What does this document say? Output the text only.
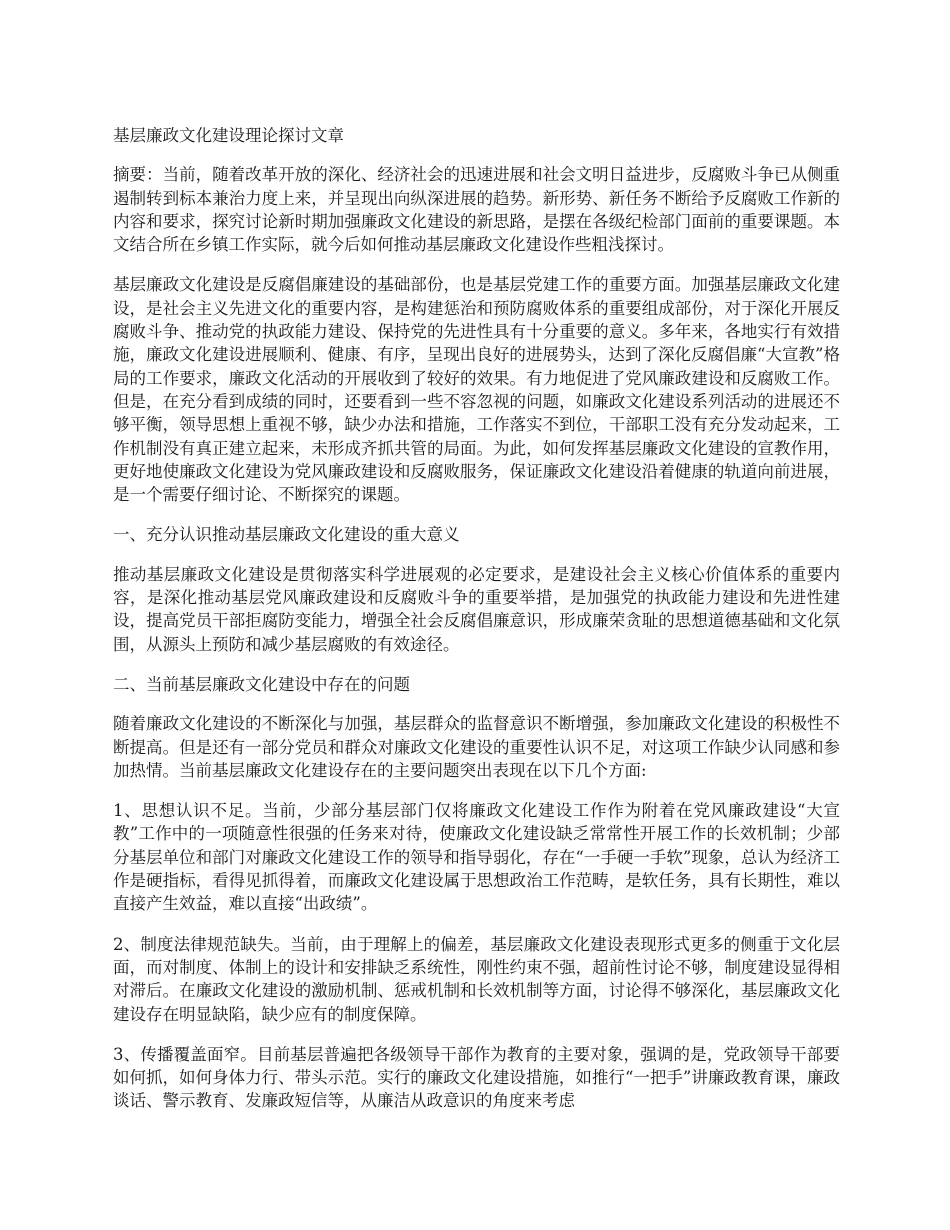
基层廉政文化建设理论探讨文章

摘要：当前，随着改革开放的深化、经济社会的迅速进展和社会文明日益进步，反腐败斗争已从侧重遏制转到标本兼治力度上来，并呈现出向纵深进展的趋势。新形势、新任务不断给予反腐败工作新的内容和要求，探究讨论新时期加强廉政文化建设的新思路，是摆在各级纪检部门面前的重要课题。本文结合所在乡镇工作实际，就今后如何推动基层廉政文化建设作些粗浅探讨。

基层廉政文化建设是反腐倡廉建设的基础部份，也是基层党建工作的重要方面。加强基层廉政文化建设，是社会主义先进文化的重要内容，是构建惩治和预防腐败体系的重要组成部份，对于深化开展反腐败斗争、推动党的执政能力建设、保持党的先进性具有十分重要的意义。多年来，各地实行有效措施，廉政文化建设进展顺利、健康、有序，呈现出良好的进展势头，达到了深化反腐倡廉“大宣教”格局的工作要求，廉政文化活动的开展收到了较好的效果。有力地促进了党风廉政建设和反腐败工作。但是，在充分看到成绩的同时，还要看到一些不容忽视的问题，如廉政文化建设系列活动的进展还不够平衡，领导思想上重视不够，缺少办法和措施，工作落实不到位，干部职工没有充分发动起来，工作机制没有真正建立起来，未形成齐抓共管的局面。为此，如何发挥基层廉政文化建设的宣教作用，更好地使廉政文化建设为党风廉政建设和反腐败服务，保证廉政文化建设沿着健康的轨道向前进展，是一个需要仔细讨论、不断探究的课题。

一、充分认识推动基层廉政文化建设的重大意义

推动基层廉政文化建设是贯彻落实科学进展观的必定要求，是建设社会主义核心价值体系的重要内容，是深化推动基层党风廉政建设和反腐败斗争的重要举措，是加强党的执政能力建设和先进性建设，提高党员干部拒腐防变能力，增强全社会反腐倡廉意识，形成廉荣贪耻的思想道德基础和文化氛围，从源头上预防和减少基层腐败的有效途径。

二、当前基层廉政文化建设中存在的问题

随着廉政文化建设的不断深化与加强，基层群众的监督意识不断增强，参加廉政文化建设的积极性不断提高。但是还有一部分党员和群众对廉政文化建设的重要性认识不足，对这项工作缺少认同感和参加热情。当前基层廉政文化建设存在的主要问题突出表现在以下几个方面:

1、思想认识不足。当前，少部分基层部门仅将廉政文化建设工作作为附着在党风廉政建设“大宣教”工作中的一项随意性很强的任务来对待，使廉政文化建设缺乏常常性开展工作的长效机制；少部分基层单位和部门对廉政文化建设工作的领导和指导弱化，存在“一手硬一手软”现象，总认为经济工作是硬指标，看得见抓得着，而廉政文化建设属于思想政治工作范畴，是软任务，具有长期性，难以直接产生效益，难以直接“出政绩”。

2、制度法律规范缺失。当前，由于理解上的偏差，基层廉政文化建设表现形式更多的侧重于文化层面，而对制度、体制上的设计和安排缺乏系统性，刚性约束不强，超前性讨论不够，制度建设显得相对滞后。在廉政文化建设的激励机制、惩戒机制和长效机制等方面，讨论得不够深化，基层廉政文化建设存在明显缺陷，缺少应有的制度保障。

3、传播覆盖面窄。目前基层普遍把各级领导干部作为教育的主要对象，强调的是，党政领导干部要如何抓，如何身体力行、带头示范。实行的廉政文化建设措施，如推行“一把手”讲廉政教育课，廉政谈话、警示教育、发廉政短信等，从廉洁从政意识的角度来考虑
